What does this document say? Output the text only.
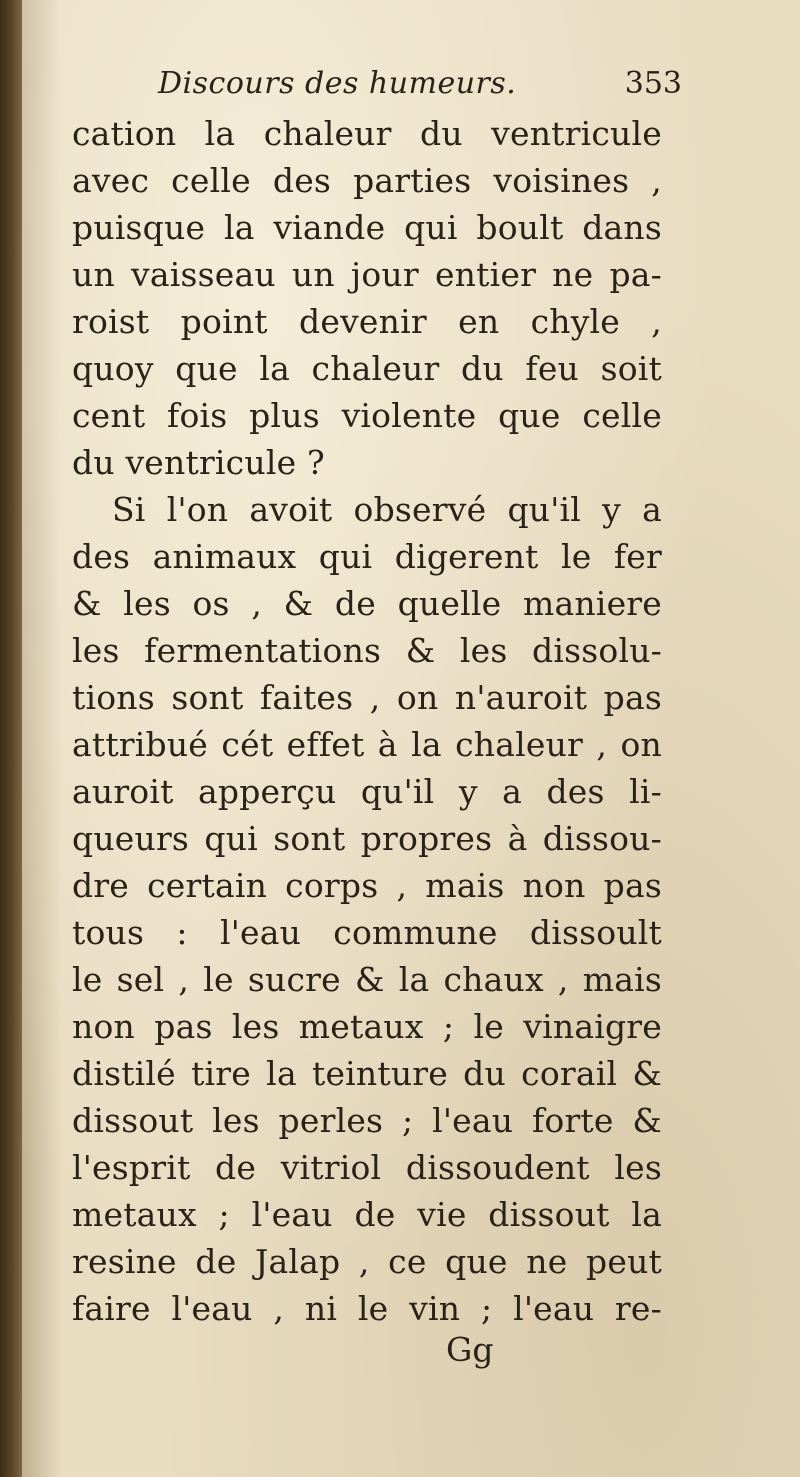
Discours des humeurs.	353
cation la chaleur du ventricule
avec celle des parties voisines ,
puisque la viande qui boult dans
un vaisseau un jour entier ne pa-
roist point devenir en chyle ,
quoy que la chaleur du feu soit
cent fois plus violente que celle
du ventricule ?
Si l'on avoit observé qu'il y a
des animaux qui digerent le fer
& les os , & de quelle maniere
les fermentations & les dissolu-
tions sont faites , on n'auroit pas
attribué cét effet à la chaleur , on
auroit apperçu qu'il y a des li-
queurs qui sont propres à dissou-
dre certain corps , mais non pas
tous : l'eau commune dissoult
le sel , le sucre & la chaux , mais
non pas les metaux ; le vinaigre
distilé tire la teinture du corail &
dissout les perles ; l'eau forte &
l'esprit de vitriol dissoudent les
metaux ; l'eau de vie dissout la
resine de Jalap , ce que ne peut
faire l'eau , ni le vin ; l'eau re-
Gg
